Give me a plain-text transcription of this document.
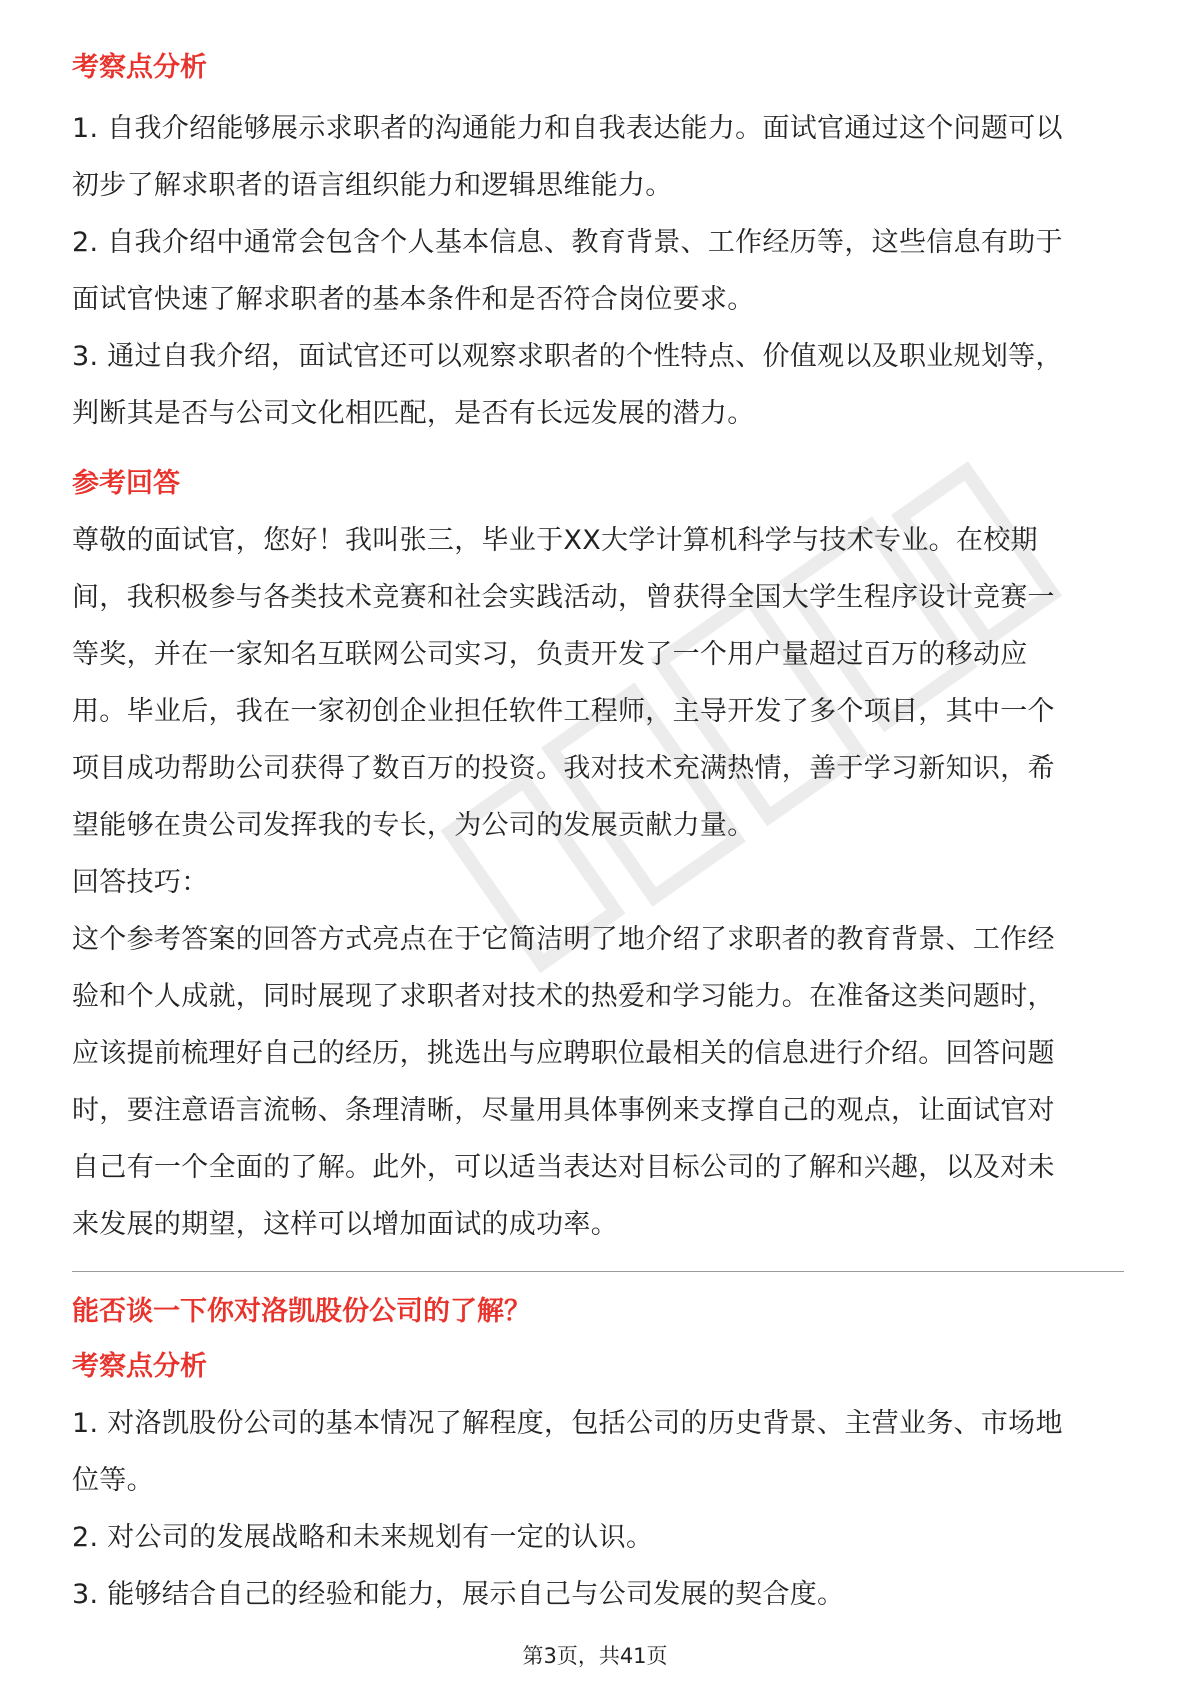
考察点分析

1. 自我介绍能够展示求职者的沟通能力和自我表达能力。面试官通过这个问题可以

初步了解求职者的语言组织能力和逻辑思维能力。

2. 自我介绍中通常会包含个人基本信息、教育背景、工作经历等，这些信息有助于

面试官快速了解求职者的基本条件和是否符合岗位要求。

3. 通过自我介绍，面试官还可以观察求职者的个性特点、价值观以及职业规划等，

判断其是否与公司文化相匹配，是否有长远发展的潜力。

参考回答

尊敬的面试官，您好！我叫张三，毕业于XX大学计算机科学与技术专业。在校期

间，我积极参与各类技术竞赛和社会实践活动，曾获得全国大学生程序设计竞赛一

等奖，并在一家知名互联网公司实习，负责开发了一个用户量超过百万的移动应

用。毕业后，我在一家初创企业担任软件工程师，主导开发了多个项目，其中一个

项目成功帮助公司获得了数百万的投资。我对技术充满热情，善于学习新知识，希

望能够在贵公司发挥我的专长，为公司的发展贡献力量。

回答技巧：

这个参考答案的回答方式亮点在于它简洁明了地介绍了求职者的教育背景、工作经

验和个人成就，同时展现了求职者对技术的热爱和学习能力。在准备这类问题时，

应该提前梳理好自己的经历，挑选出与应聘职位最相关的信息进行介绍。回答问题

时，要注意语言流畅、条理清晰，尽量用具体事例来支撑自己的观点，让面试官对

自己有一个全面的了解。此外，可以适当表达对目标公司的了解和兴趣，以及对未

来发展的期望，这样可以增加面试的成功率。

能否谈一下你对洛凯股份公司的了解？

考察点分析

1. 对洛凯股份公司的基本情况了解程度，包括公司的历史背景、主营业务、市场地

位等。

2. 对公司的发展战略和未来规划有一定的认识。

3. 能够结合自己的经验和能力，展示自己与公司发展的契合度。

第3页，共41页
